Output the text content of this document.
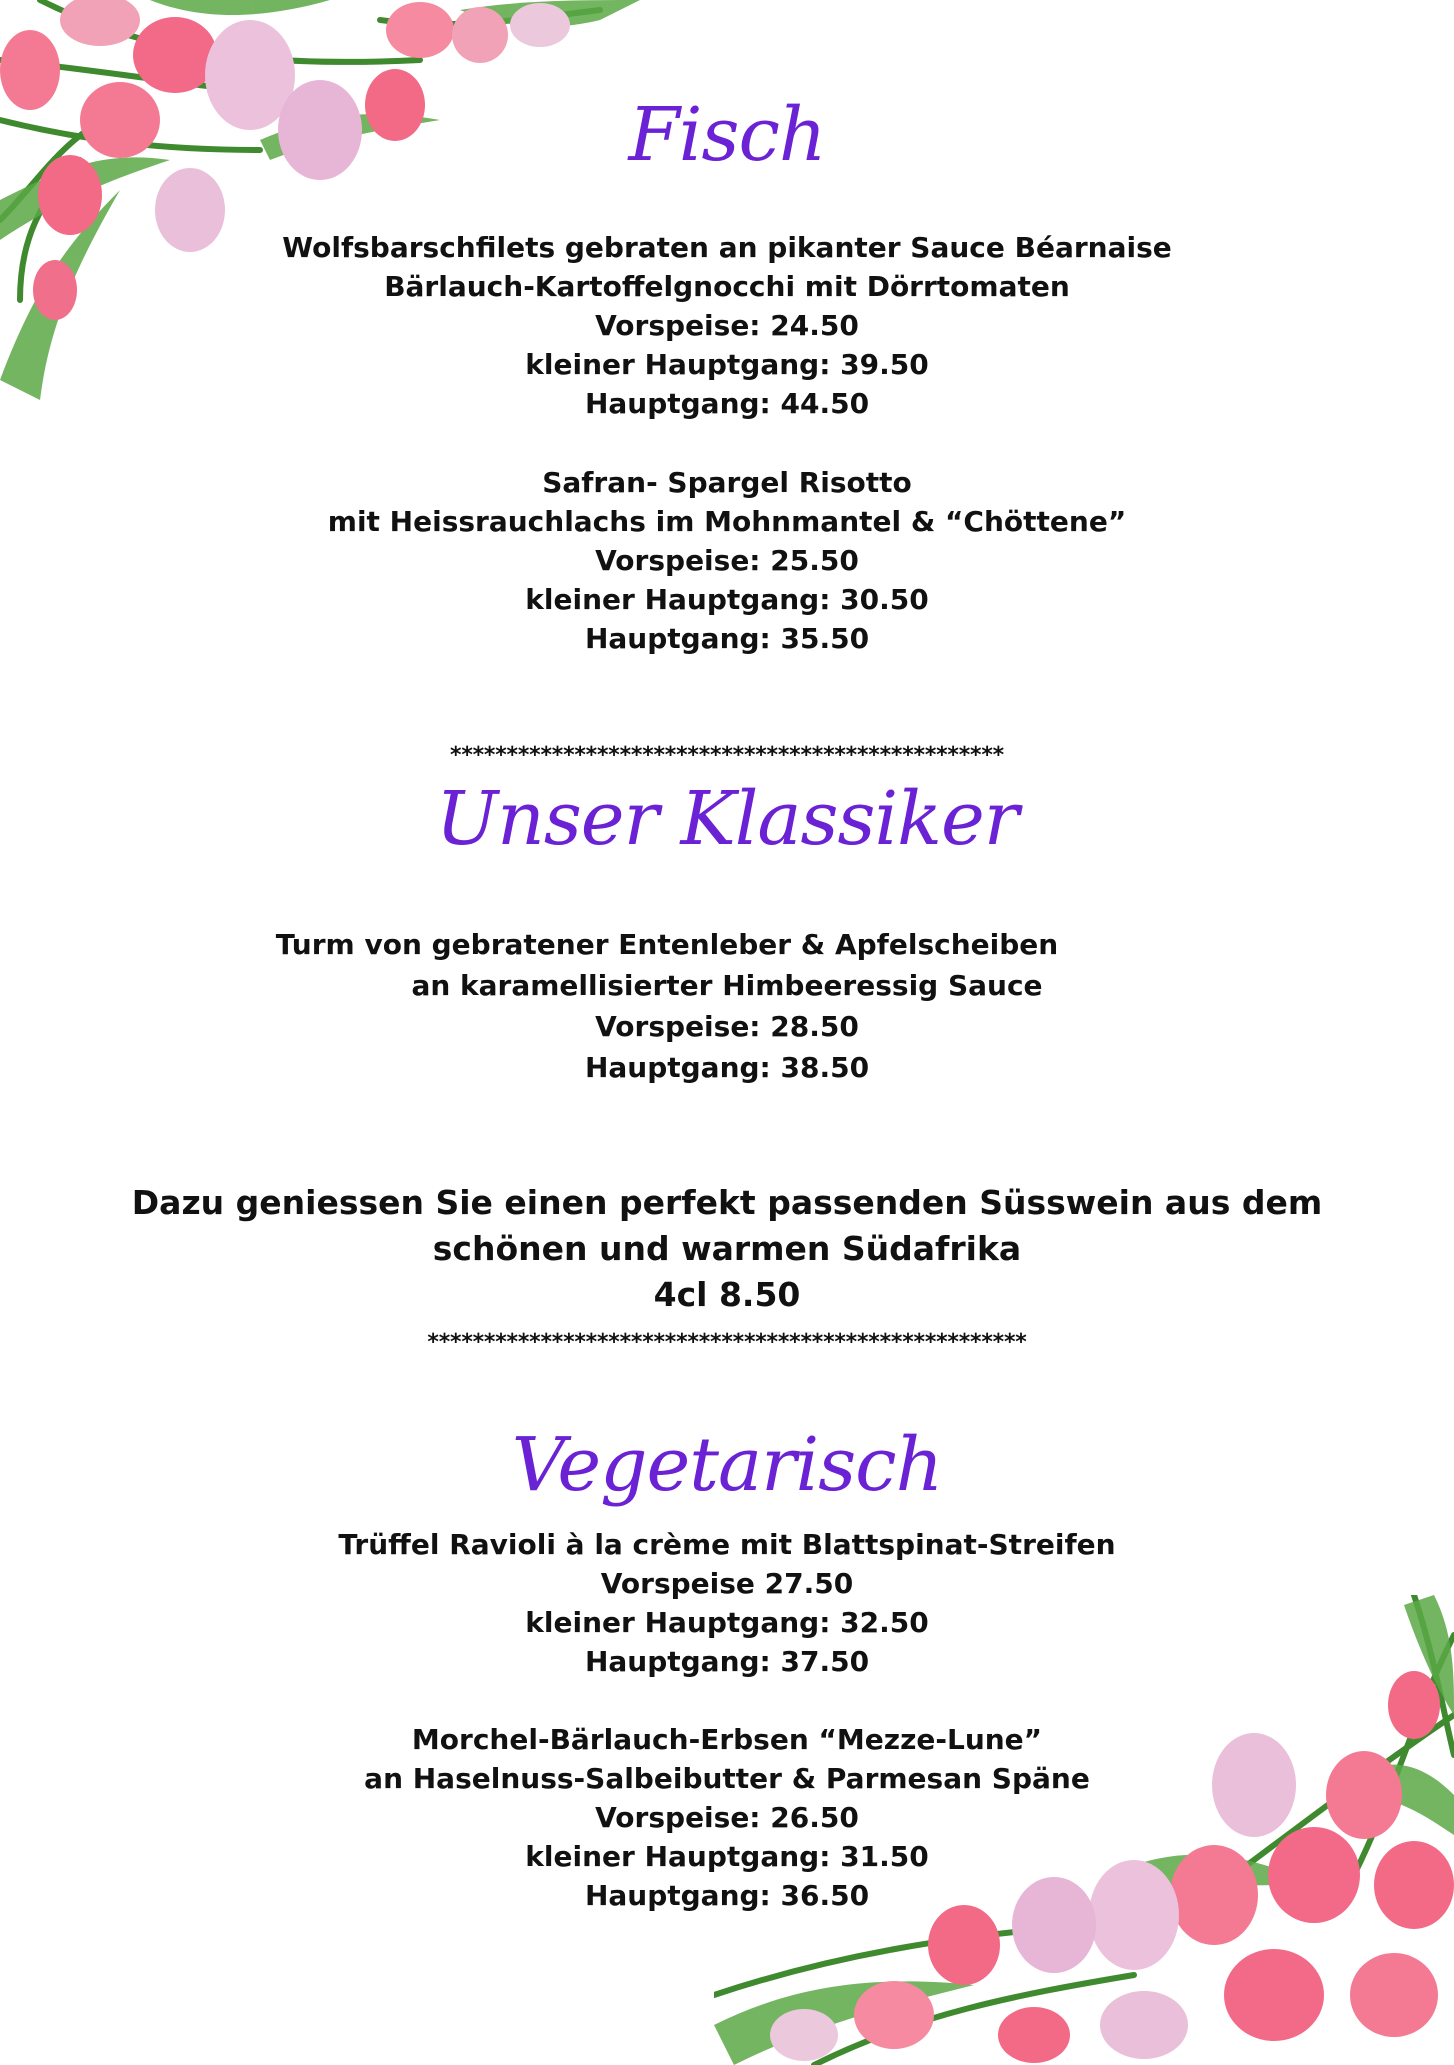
Fisch
Wolfsbarschfilets gebraten an pikanter Sauce Béarnaise
Bärlauch-Kartoffelgnocchi mit Dörrtomaten
Vorspeise: 24.50
kleiner Hauptgang: 39.50
Hauptgang: 44.50
Safran- Spargel Risotto
mit Heissrauchlachs im Mohnmantel & “Chöttene”
Vorspeise: 25.50
kleiner Hauptgang: 30.50
Hauptgang: 35.50
*************************************************
Unser Klassiker
Turm von gebratener Entenleber & Apfelscheiben
an karamellisierter Himbeeressig Sauce
Vorspeise: 28.50
Hauptgang: 38.50
Dazu geniessen Sie einen perfekt passenden Süsswein aus dem
schönen und warmen Südafrika
4cl 8.50
*****************************************************
Vegetarisch
Trüffel Ravioli à la crème mit Blattspinat-Streifen
Vorspeise 27.50
kleiner Hauptgang: 32.50
Hauptgang: 37.50
Morchel-Bärlauch-Erbsen “Mezze-Lune”
an Haselnuss-Salbeibutter & Parmesan Späne
Vorspeise: 26.50
kleiner Hauptgang: 31.50
Hauptgang: 36.50
